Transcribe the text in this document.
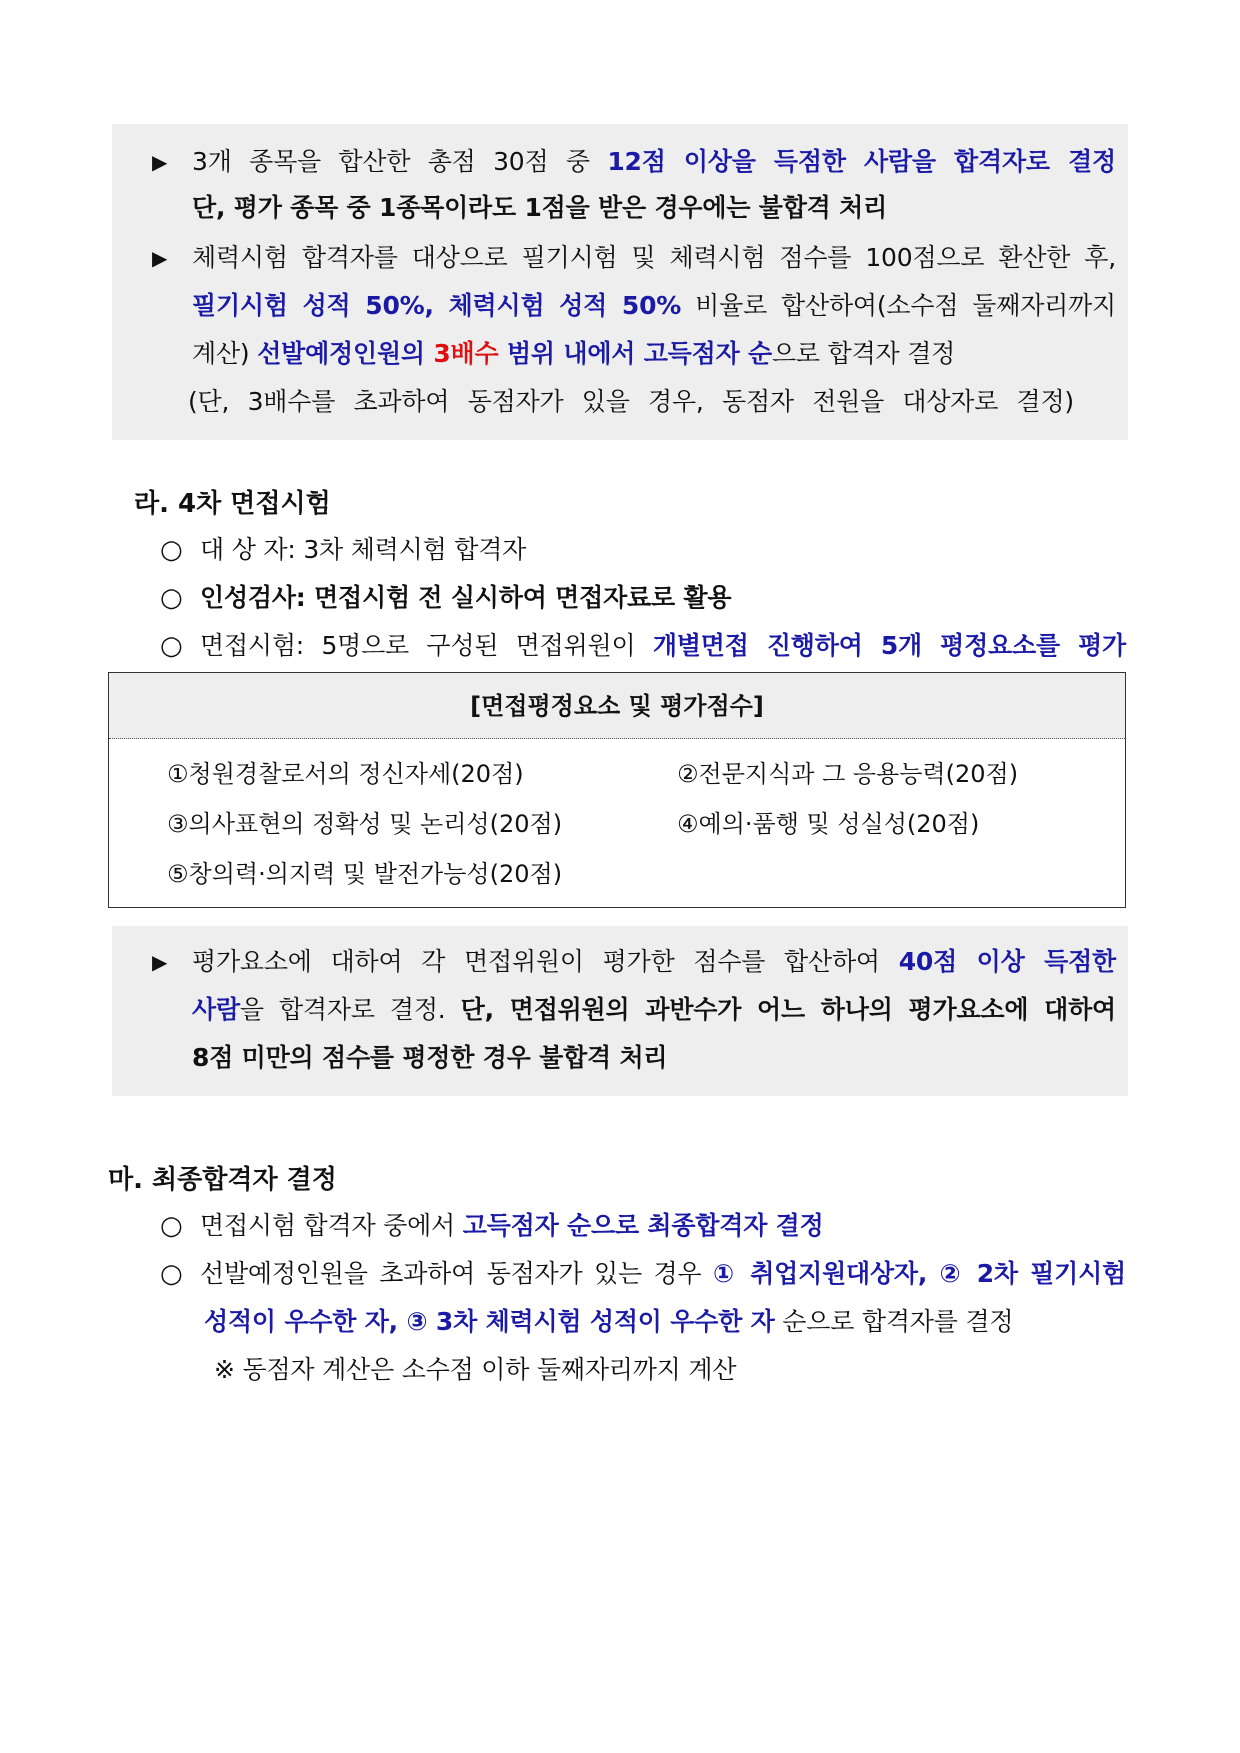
▶ 3개 종목을 합산한 총점 30점 중 12점 이상을 득점한 사람을 합격자로 결정
단, 평가 종목 중 1종목이라도 1점을 받은 경우에는 불합격 처리
▶ 체력시험 합격자를 대상으로 필기시험 및 체력시험 점수를 100점으로 환산한 후,
필기시험 성적 50%, 체력시험 성적 50% 비율로 합산하여(소수점 둘째자리까지
계산) 선발예정인원의 3배수 범위 내에서 고득점자 순으로 합격자 결정
(단, 3배수를 초과하여 동점자가 있을 경우, 동점자 전원을 대상자로 결정)
라. 4차 면접시험
○ 대 상 자: 3차 체력시험 합격자
○ 인성검사: 면접시험 전 실시하여 면접자료로 활용
○ 면접시험: 5명으로 구성된 면접위원이 개별면접 진행하여 5개 평정요소를 평가
[면접평정요소 및 평가점수]
①청원경찰로서의 정신자세(20점)	②전문지식과 그 응용능력(20점)
③의사표현의 정확성 및 논리성(20점)	④예의·품행 및 성실성(20점)
⑤창의력·의지력 및 발전가능성(20점)
▶ 평가요소에 대하여 각 면접위원이 평가한 점수를 합산하여 40점 이상 득점한
사람을 합격자로 결정. 단, 면접위원의 과반수가 어느 하나의 평가요소에 대하여
8점 미만의 점수를 평정한 경우 불합격 처리
마. 최종합격자 결정
○ 면접시험 합격자 중에서 고득점자 순으로 최종합격자 결정
○ 선발예정인원을 초과하여 동점자가 있는 경우 ① 취업지원대상자, ② 2차 필기시험
성적이 우수한 자, ③ 3차 체력시험 성적이 우수한 자 순으로 합격자를 결정
※ 동점자 계산은 소수점 이하 둘째자리까지 계산
